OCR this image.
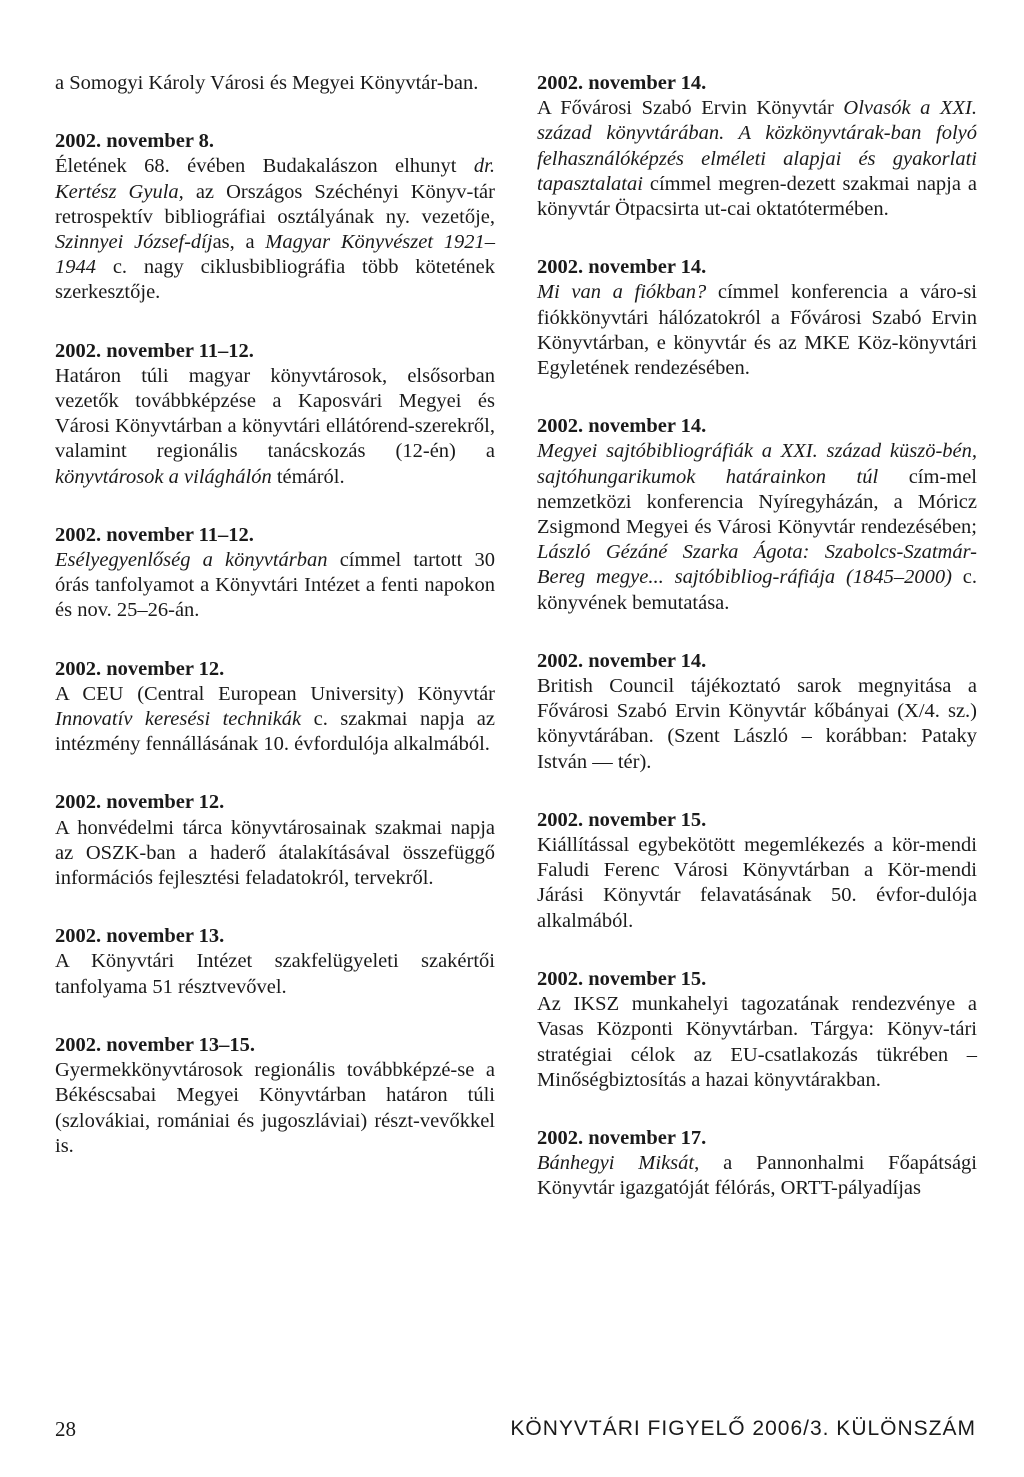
a Somogyi Károly Városi és Megyei Könyvtár-ban.
2002. november 8.
Életének 68. évében Budakalászon elhunyt dr. Kertész Gyula, az Országos Széchényi Könyv-tár retrospektív bibliográfiai osztályának ny. vezetője, Szinnyei József-díjas, a Magyar Könyvészet 1921–1944 c. nagy ciklusbibliográfia több kötetének szerkesztője.
2002. november 11–12.
Határon túli magyar könyvtárosok, elsősorban vezetők továbbképzése a Kaposvári Megyei és Városi Könyvtárban a könyvtári ellátórend-szerekről, valamint regionális tanácskozás (12-én) a könyvtárosok a világhálón témáról.
2002. november 11–12.
Esélyegyenlőség a könyvtárban címmel tartott 30 órás tanfolyamot a Könyvtári Intézet a fenti napokon és nov. 25–26-án.
2002. november 12.
A CEU (Central European University) Könyvtár Innovatív keresési technikák c. szakmai napja az intézmény fennállásának 10. évfordulója alkalmából.
2002. november 12.
A honvédelmi tárca könyvtárosainak szakmai napja az OSZK-ban a haderő átalakításával összefüggő információs fejlesztési feladatokról, tervekről.
2002. november 13.
A Könyvtári Intézet szakfelügyeleti szakértői tanfolyama 51 résztvevővel.
2002. november 13–15.
Gyermekkönyvtárosok regionális továbbképzé-se a Békéscsabai Megyei Könyvtárban határon túli (szlovákiai, romániai és jugoszláviai) részt-vevőkkel is.
2002. november 14.
A Fővárosi Szabó Ervin Könyvtár Olvasók a XXI. század könyvtárában. A közkönyvtárak-ban folyó felhasználóképzés elméleti alapjai és gyakorlati tapasztalatai címmel megren-dezett szakmai napja a könyvtár Ötpacsirta ut-cai oktatótermében.
2002. november 14.
Mi van a fiókban? címmel konferencia a váro-si fiókkönyvtári hálózatokról a Fővárosi Szabó Ervin Könyvtárban, e könyvtár és az MKE Köz-könyvtári Egyletének rendezésében.
2002. november 14.
Megyei sajtóbibliográfiák a XXI. század küszö-bén, sajtóhungarikumok határainkon túl cím-mel nemzetközi konferencia Nyíregyházán, a Móricz Zsigmond Megyei és Városi Könyvtár rendezésében; László Gézáné Szarka Ágota: Szabolcs-Szatmár-Bereg megye... sajtóbibliog-ráfiája (1845–2000) c. könyvének bemutatása.
2002. november 14.
British Council tájékoztató sarok megnyitása a Fővárosi Szabó Ervin Könyvtár kőbányai (X/4. sz.) könyvtárában. (Szent László – korábban: Pataky István — tér).
2002. november 15.
Kiállítással egybekötött megemlékezés a kör-mendi Faludi Ferenc Városi Könyvtárban a Kör-mendi Járási Könyvtár felavatásának 50. évfor-dulója alkalmából.
2002. november 15.
Az IKSZ munkahelyi tagozatának rendezvénye a Vasas Központi Könyvtárban. Tárgya: Könyv-tári stratégiai célok az EU-csatlakozás tükrében – Minőségbiztosítás a hazai könyvtárakban.
2002. november 17.
Bánhegyi Miksát, a Pannonhalmi Főapátsági Könyvtár igazgatóját félórás, ORTT-pályadíjas
28	KÖNYVTÁRI FIGYELŐ 2006/3. KÜLÖNSZÁM
